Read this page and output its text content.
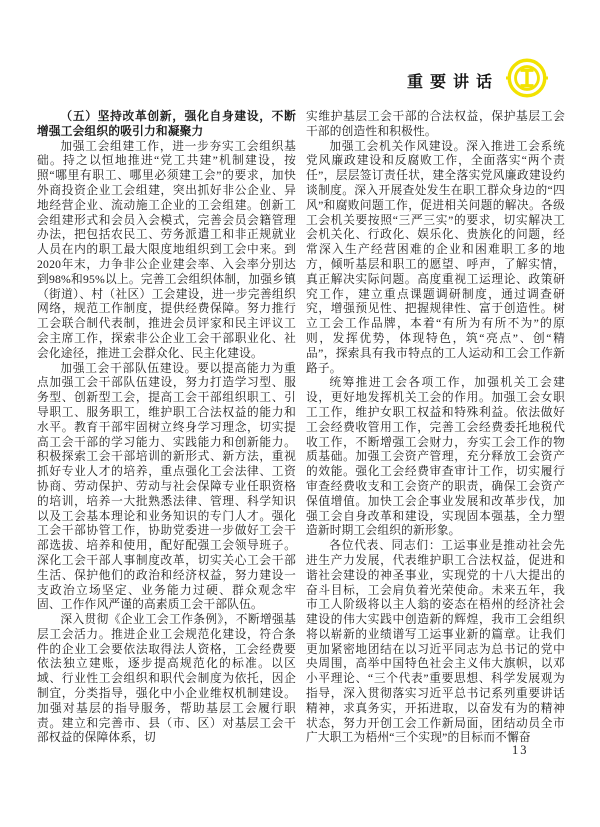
重要讲话

（五）坚持改革创新，强化自身建设，不断增强工会组织的吸引力和凝聚力

加强工会组建工作，进一步夯实工会组织基础。持之以恒地推进“党工共建”机制建设，按照“哪里有职工、哪里必须建工会”的要求，加快外商投资企业工会组建，突出抓好非公企业、异地经营企业、流动施工企业的工会组建。创新工会组建形式和会员入会模式，完善会员会籍管理办法，把包括农民工、劳务派遣工和非正规就业人员在内的职工最大限度地组织到工会中来。到2020年末，力争非公企业建会率、入会率分别达到98%和95%以上。完善工会组织体制，加强乡镇（街道）、村（社区）工会建设，进一步完善组织网络，规范工作制度，提供经费保障。努力推行工会联合制代表制，推进会员评家和民主评议工会主席工作，探索非公企业工会干部职业化、社会化途径，推进工会群众化、民主化建设。

加强工会干部队伍建设。要以提高能力为重点加强工会干部队伍建设，努力打造学习型、服务型、创新型工会，提高工会干部组织职工、引导职工、服务职工，维护职工合法权益的能力和水平。教育干部牢固树立终身学习理念，切实提高工会干部的学习能力、实践能力和创新能力。积极探索工会干部培训的新形式、新方法，重视抓好专业人才的培养，重点强化工会法律、工资协商、劳动保护、劳动与社会保障专业任职资格的培训，培养一大批熟悉法律、管理、科学知识以及工会基本理论和业务知识的专门人才。强化工会干部协管工作，协助党委进一步做好工会干部选拔、培养和使用，配好配强工会领导班子。深化工会干部人事制度改革，切实关心工会干部生活、保护他们的政治和经济权益，努力建设一支政治立场坚定、业务能力过硬、群众观念牢固、工作作风严谨的高素质工会干部队伍。

深入贯彻《企业工会工作条例》，不断增强基层工会活力。推进企业工会规范化建设，符合条件的企业工会要依法取得法人资格，工会经费要依法独立建账，逐步提高规范化的标准。以区域、行业性工会组织和职代会制度为依托，因企制宜，分类指导，强化中小企业维权机制建设。加强对基层的指导服务，帮助基层工会履行职责。建立和完善市、县（市、区）对基层工会干部权益的保障体系，切

实维护基层工会干部的合法权益，保护基层工会干部的创造性和积极性。

加强工会机关作风建设。深入推进工会系统党风廉政建设和反腐败工作，全面落实“两个责任”，层层签订责任状，建全落实党风廉政建设约谈制度。深入开展查处发生在职工群众身边的“四风”和腐败问题工作，促进相关问题的解决。各级工会机关要按照“三严三实”的要求，切实解决工会机关化、行政化、娱乐化、贵族化的问题，经常深入生产经营困难的企业和困难职工多的地方，倾听基层和职工的愿望、呼声，了解实情，真正解决实际问题。高度重视工运理论、政策研究工作，建立重点课题调研制度，通过调查研究，增强预见性、把握规律性、富于创造性。树立工会工作品牌，本着“有所为有所不为”的原则，发挥优势，体现特色，筑“亮点”、创“精品”，探索具有我市特点的工人运动和工会工作新路子。

统筹推进工会各项工作，加强机关工会建设，更好地发挥机关工会的作用。加强工会女职工工作，维护女职工权益和特殊利益。依法做好工会经费收管用工作，完善工会经费委托地税代收工作，不断增强工会财力，夯实工会工作的物质基础。加强工会资产管理，充分释放工会资产的效能。强化工会经费审查审计工作，切实履行审查经费收支和工会资产的职责，确保工会资产保值增值。加快工会企事业发展和改革步伐，加强工会自身改革和建设，实现固本强基，全力塑造新时期工会组织的新形象。

各位代表、同志们：工运事业是推动社会先进生产力发展，代表维护职工合法权益，促进和谐社会建设的神圣事业，实现党的十八大提出的奋斗目标，工会肩负着光荣使命。未来五年，我市工人阶级将以主人翁的姿态在梧州的经济社会建设的伟大实践中创造新的辉煌，我市工会组织将以崭新的业绩谱写工运事业新的篇章。让我们更加紧密地团结在以习近平同志为总书记的党中央周围，高举中国特色社会主义伟大旗帜，以邓小平理论、“三个代表”重要思想、科学发展观为指导，深入贯彻落实习近平总书记系列重要讲话精神，求真务实，开拓进取，以奋发有为的精神状态，努力开创工会工作新局面，团结动员全市广大职工为梧州“三个实现”的目标而不懈奋

13
